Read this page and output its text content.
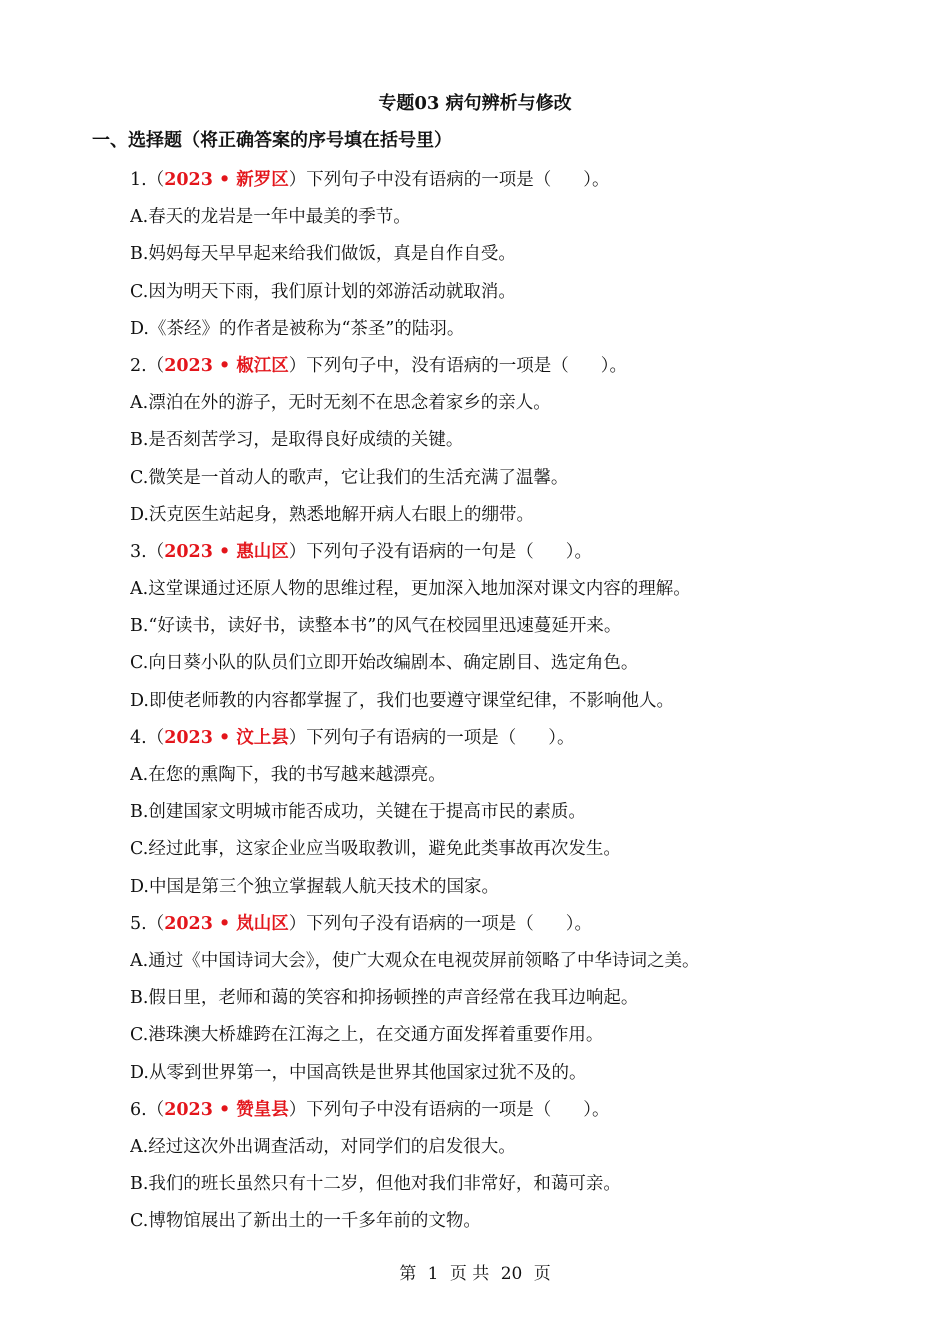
专题03 病句辨析与修改
一、选择题（将正确答案的序号填在括号里）
1.（2023 • 新罗区）下列句子中没有语病的一项是（ ）。
A.春天的龙岩是一年中最美的季节。
B.妈妈每天早早起来给我们做饭，真是自作自受。
C.因为明天下雨，我们原计划的郊游活动就取消。
D.《茶经》的作者是被称为“茶圣”的陆羽。
2.（2023 • 椒江区）下列句子中，没有语病的一项是（ ）。
A.漂泊在外的游子，无时无刻不在思念着家乡的亲人。
B.是否刻苦学习，是取得良好成绩的关键。
C.微笑是一首动人的歌声，它让我们的生活充满了温馨。
D.沃克医生站起身，熟悉地解开病人右眼上的绷带。
3.（2023 • 惠山区）下列句子没有语病的一句是（ ）。
A.这堂课通过还原人物的思维过程，更加深入地加深对课文内容的理解。
B.“好读书，读好书，读整本书”的风气在校园里迅速蔓延开来。
C.向日葵小队的队员们立即开始改编剧本、确定剧目、选定角色。
D.即使老师教的内容都掌握了，我们也要遵守课堂纪律，不影响他人。
4.（2023 • 汶上县）下列句子有语病的一项是（ ）。
A.在您的熏陶下，我的书写越来越漂亮。
B.创建国家文明城市能否成功，关键在于提高市民的素质。
C.经过此事，这家企业应当吸取教训，避免此类事故再次发生。
D.中国是第三个独立掌握载人航天技术的国家。
5.（2023 • 岚山区）下列句子没有语病的一项是（ ）。
A.通过《中国诗词大会》，使广大观众在电视荧屏前领略了中华诗词之美。
B.假日里，老师和蔼的笑容和抑扬顿挫的声音经常在我耳边响起。
C.港珠澳大桥雄跨在江海之上，在交通方面发挥着重要作用。
D.从零到世界第一，中国高铁是世界其他国家过犹不及的。
6.（2023 • 赞皇县）下列句子中没有语病的一项是（ ）。
A.经过这次外出调查活动，对同学们的启发很大。
B.我们的班长虽然只有十二岁，但他对我们非常好，和蔼可亲。
C.博物馆展出了新出土的一千多年前的文物。
第 1 页 共 20 页
